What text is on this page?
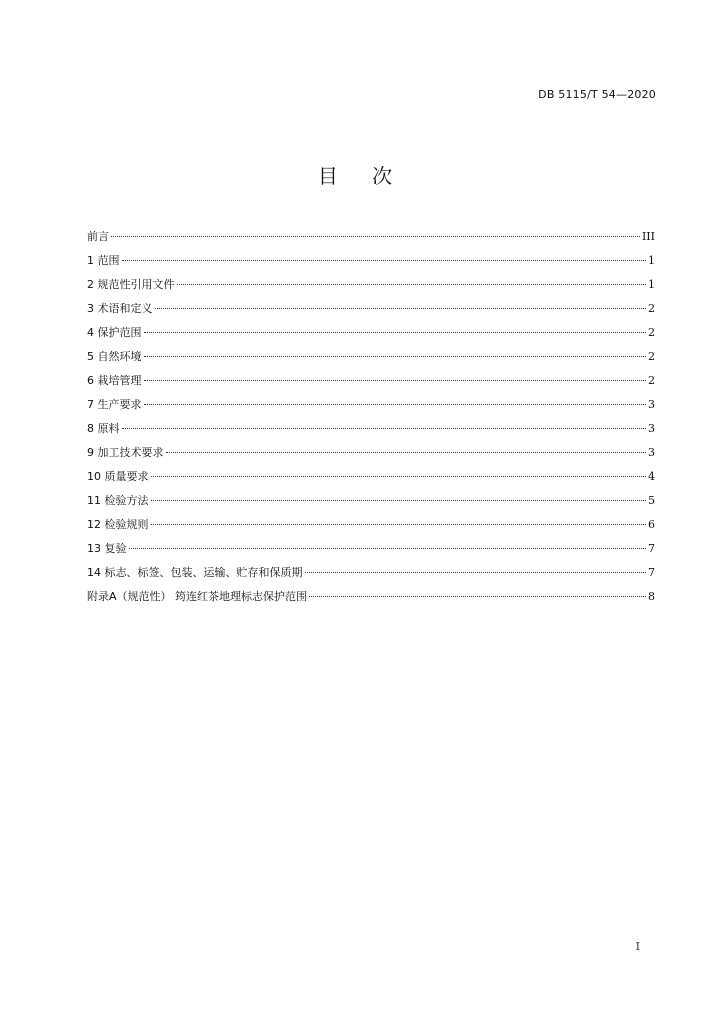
DB 5115/T 54—2020
目 次
前言	III
1 范围	1
2 规范性引用文件	1
3 术语和定义	2
4 保护范围	2
5 自然环境	2
6 栽培管理	2
7 生产要求	3
8 原料	3
9 加工技术要求	3
10 质量要求	4
11 检验方法	5
12 检验规则	6
13 复验	7
14 标志、标签、包装、运输、贮存和保质期	7
附录A（规范性） 筠连红茶地理标志保护范围	8
I
